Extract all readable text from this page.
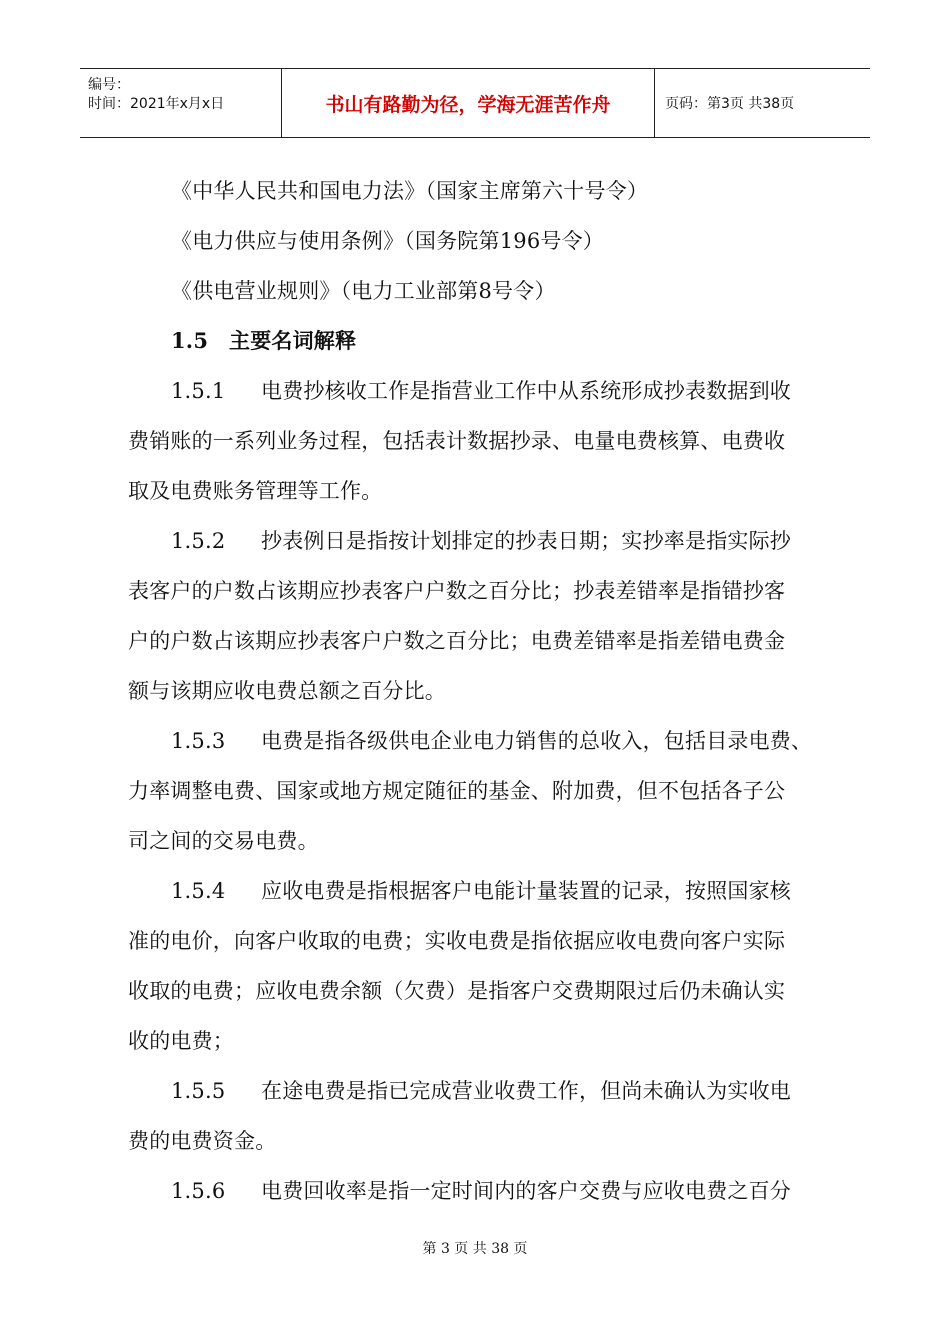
编号：
时间：2021年x月x日	书山有路勤为径，学海无涯苦作舟	页码：第3页 共38页
《中华人民共和国电力法》（国家主席第六十号令）
《电力供应与使用条例》（国务院第196号令）
《供电营业规则》（电力工业部第8号令）
1.5 主要名词解释
1.5.1 电费抄核收工作是指营业工作中从系统形成抄表数据到收
费销账的一系列业务过程，包括表计数据抄录、电量电费核算、电费收
取及电费账务管理等工作。
1.5.2 抄表例日是指按计划排定的抄表日期；实抄率是指实际抄
表客户的户数占该期应抄表客户户数之百分比；抄表差错率是指错抄客
户的户数占该期应抄表客户户数之百分比；电费差错率是指差错电费金
额与该期应收电费总额之百分比。
1.5.3 电费是指各级供电企业电力销售的总收入，包括目录电费、
力率调整电费、国家或地方规定随征的基金、附加费，但不包括各子公
司之间的交易电费。
1.5.4 应收电费是指根据客户电能计量装置的记录，按照国家核
准的电价，向客户收取的电费；实收电费是指依据应收电费向客户实际
收取的电费；应收电费余额（欠费）是指客户交费期限过后仍未确认实
收的电费；
1.5.5 在途电费是指已完成营业收费工作，但尚未确认为实收电
费的电费资金。
1.5.6 电费回收率是指一定时间内的客户交费与应收电费之百分
第 3 页 共 38 页
